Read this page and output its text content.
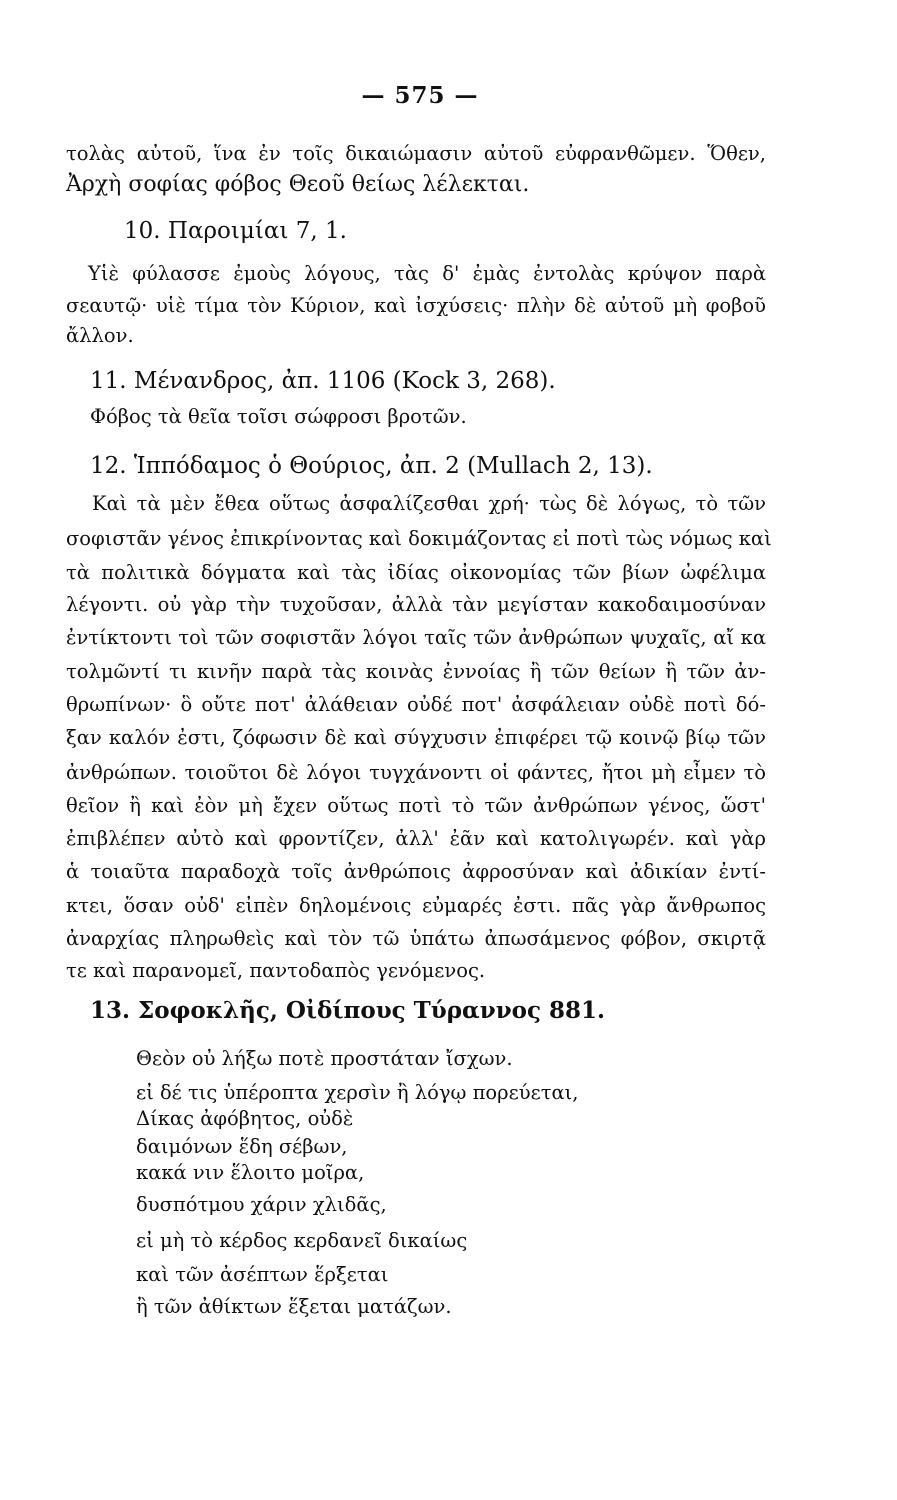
— 575 —
τολὰς αὐτοῦ, ἵνα ἐν τοῖς δικαιώμασιν αὐτοῦ εὐφρανθῶμεν. Ὅθεν,
Ἀρχὴ σοφίας φόβος Θεοῦ θείως λέλεκται.
10. Παροιμίαι 7, 1.
Υἱὲ φύλασσε ἐμοὺς λόγους, τὰς δ' ἐμὰς ἐντολὰς κρύψον παρὰ
σεαυτῷ· υἱὲ τίμα τὸν Κύριον, καὶ ἰσχύσεις· πλὴν δὲ αὐτοῦ μὴ φοβοῦ
ἄλλον.
11. Μένανδρος, ἀπ. 1106 (Kock 3, 268).
Φόβος τὰ θεῖα τοῖσι σώφροσι βροτῶν.
12. Ἱππόδαμος ὁ Θούριος, ἀπ. 2 (Mullach 2, 13).
Καὶ τὰ μὲν ἔθεα οὕτως ἀσφαλίζεσθαι χρή· τὼς δὲ λόγως, τὸ τῶν
σοφιστᾶν γένος ἐπικρίνοντας καὶ δοκιμάζοντας εἰ ποτὶ τὼς νόμως καὶ
τὰ πολιτικὰ δόγματα καὶ τὰς ἰδίας οἰκονομίας τῶν βίων ὠφέλιμα
λέγοντι. οὐ γὰρ τὴν τυχοῦσαν, ἀλλὰ τὰν μεγίσταν κακοδαιμοσύναν
ἐντίκτοντι τοὶ τῶν σοφιστᾶν λόγοι ταῖς τῶν ἀνθρώπων ψυχαῖς, αἴ κα
τολμῶντί τι κινῆν παρὰ τὰς κοινὰς ἐννοίας ἢ τῶν θείων ἢ τῶν ἀν-
θρωπίνων· ὃ οὔτε ποτ' ἀλάθειαν οὐδέ ποτ' ἀσφάλειαν οὐδὲ ποτὶ δό-
ξαν καλόν ἐστι, ζόφωσιν δὲ καὶ σύγχυσιν ἐπιφέρει τῷ κοινῷ βίῳ τῶν
ἀνθρώπων. τοιοῦτοι δὲ λόγοι τυγχάνοντι οἱ φάντες, ἤτοι μὴ εἶμεν τὸ
θεῖον ἢ καὶ ἐὸν μὴ ἔχεν οὕτως ποτὶ τὸ τῶν ἀνθρώπων γένος, ὥστ'
ἐπιβλέπεν αὐτὸ καὶ φροντίζεν, ἀλλ' ἐᾶν καὶ κατολιγωρέν. καὶ γὰρ
ἁ τοιαῦτα παραδοχὰ τοῖς ἀνθρώποις ἀφροσύναν καὶ ἀδικίαν ἐντί-
κτει, ὅσαν οὐδ' εἰπὲν δηλομένοις εὐμαρές ἐστι. πᾶς γὰρ ἄνθρωπος
ἀναρχίας πληρωθεὶς καὶ τὸν τῶ ὑπάτω ἀπωσάμενος φόβον, σκιρτᾷ
τε καὶ παρανομεῖ, παντοδαπὸς γενόμενος.
13. Σοφοκλῆς, Οἰδίπους Τύραννος 881.
Θεὸν οὐ λήξω ποτὲ προστάταν ἴσχων.
εἰ δέ τις ὑπέροπτα χερσὶν ἢ λόγῳ πορεύεται,
Δίκας ἀφόβητος, οὐδὲ
δαιμόνων ἕδη σέβων,
κακά νιν ἕλοιτο μοῖρα,
δυσπότμου χάριν χλιδᾶς,
εἰ μὴ τὸ κέρδος κερδανεῖ δικαίως
καὶ τῶν ἀσέπτων ἕρξεται
ἢ τῶν ἀθίκτων ἕξεται ματάζων.
